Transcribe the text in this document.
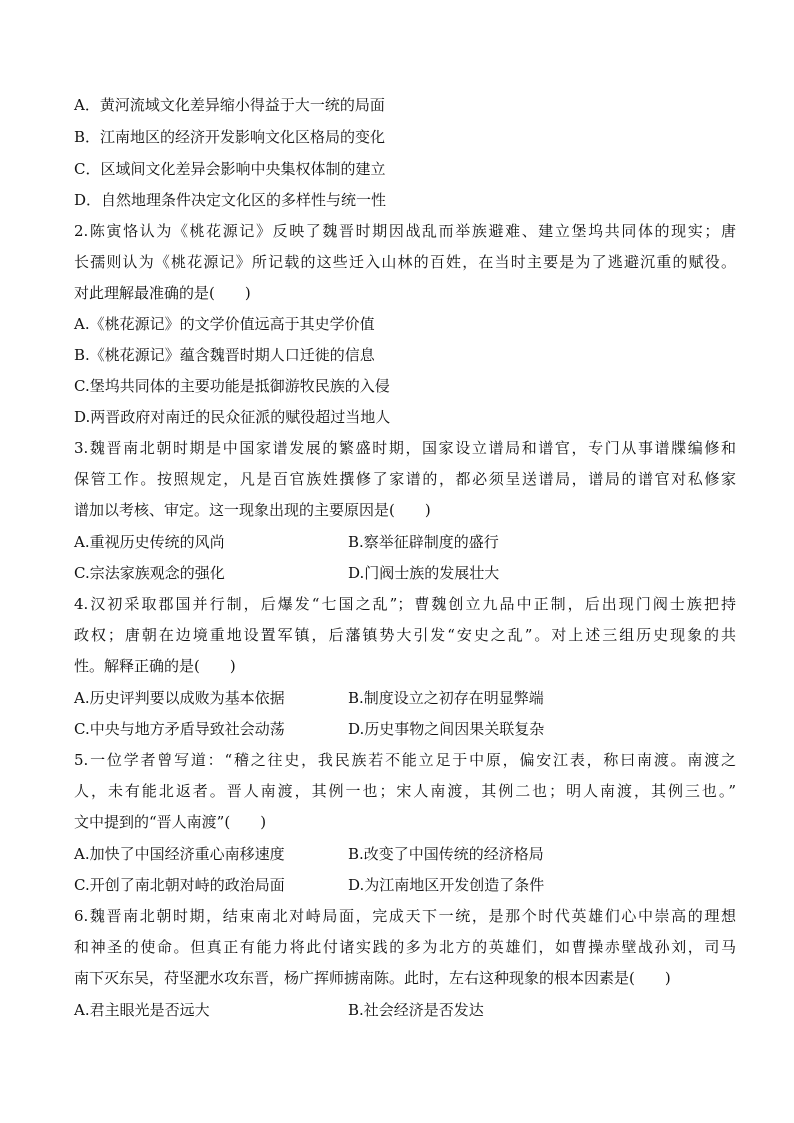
A．黄河流域文化差异缩小得益于大一统的局面
B．江南地区的经济开发影响文化区格局的变化
C．区域间文化差异会影响中央集权体制的建立
D．自然地理条件决定文化区的多样性与统一性
2.陈寅恪认为《桃花源记》反映了魏晋时期因战乱而举族避难、建立堡坞共同体的现实；唐
长孺则认为《桃花源记》所记载的这些迁入山林的百姓，在当时主要是为了逃避沉重的赋役。
对此理解最准确的是(　　)
A.《桃花源记》的文学价值远高于其史学价值
B.《桃花源记》蕴含魏晋时期人口迁徙的信息
C.堡坞共同体的主要功能是抵御游牧民族的入侵
D.两晋政府对南迁的民众征派的赋役超过当地人
3.魏晋南北朝时期是中国家谱发展的繁盛时期，国家设立谱局和谱官，专门从事谱牒编修和
保管工作。按照规定，凡是百官族姓撰修了家谱的，都必须呈送谱局，谱局的谱官对私修家
谱加以考核、审定。这一现象出现的主要原因是(　　)
A.重视历史传统的风尚	B.察举征辟制度的盛行
C.宗法家族观念的强化	D.门阀士族的发展壮大
4.汉初采取郡国并行制，后爆发“七国之乱”；曹魏创立九品中正制，后出现门阀士族把持
政权；唐朝在边境重地设置军镇，后藩镇势大引发“安史之乱”。对上述三组历史现象的共
性。解释正确的是(　　)
A.历史评判要以成败为基本依据	B.制度设立之初存在明显弊端
C.中央与地方矛盾导致社会动荡	D.历史事物之间因果关联复杂
5.一位学者曾写道：“稽之往史，我民族若不能立足于中原，偏安江表，称曰南渡。南渡之
人，未有能北返者。晋人南渡，其例一也；宋人南渡，其例二也；明人南渡，其例三也。”
文中提到的“晋人南渡”(　　)
A.加快了中国经济重心南移速度	B.改变了中国传统的经济格局
C.开创了南北朝对峙的政治局面	D.为江南地区开发创造了条件
6.魏晋南北朝时期，结束南北对峙局面，完成天下一统，是那个时代英雄们心中崇高的理想
和神圣的使命。但真正有能力将此付诸实践的多为北方的英雄们，如曹操赤壁战孙刘，司马
南下灭东吴，苻坚淝水攻东晋，杨广挥师掳南陈。此时，左右这种现象的根本因素是(　　)
A.君主眼光是否远大	B.社会经济是否发达
